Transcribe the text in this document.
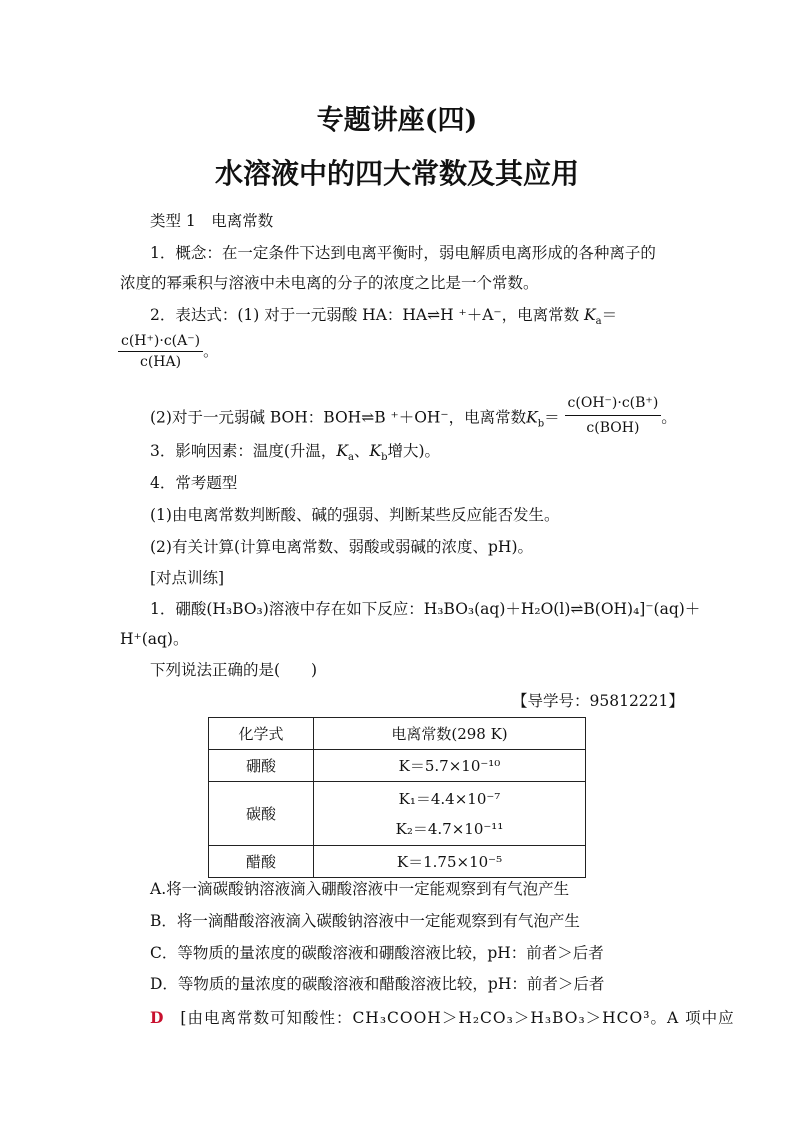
专题讲座(四)
水溶液中的四大常数及其应用
类型 1　电离常数
1．概念：在一定条件下达到电离平衡时，弱电解质电离形成的各种离子的
浓度的幂乘积与溶液中未电离的分子的浓度之比是一个常数。
2．表达式：(1) 对于一元弱酸 HA：HA⇌H ⁺＋A⁻，电离常数 $K_a=$
$\frac{c(H^+)\cdot c(A^-)}{c(HA)}$ 。
(2)对于一元弱碱 BOH：BOH⇌B ⁺＋OH⁻，电离常数$K_b= \frac{c(OH^-)\cdot c(B^+)}{\text{c(BOH)}}$ 。
3．影响因素：温度(升温，$K_a$、$K_b$增大)。
4．常考题型
(1)由电离常数判断酸、碱的强弱、判断某些反应能否发生。
(2)有关计算(计算电离常数、弱酸或弱碱的浓度、pH)。
[对点训练]
1．硼酸(H₃BO₃)溶液中存在如下反应：H₃BO₃(aq)＋H₂O(l)⇌B(OH)₄]⁻(aq)＋
H⁺(aq)。
下列说法正确的是(　　)
【导学号：95812221】
化学式	电离常数(298 K)
硼酸	K＝5.7×10⁻¹⁰
碳酸	K₁＝4.4×10⁻⁷
K₂＝4.7×10⁻¹¹

醋酸	K＝1.75×10⁻⁵
A.将一滴碳酸钠溶液滴入硼酸溶液中一定能观察到有气泡产生
B．将一滴醋酸溶液滴入碳酸钠溶液中一定能观察到有气泡产生
C．等物质的量浓度的碳酸溶液和硼酸溶液比较，pH：前者＞后者
D．等物质的量浓度的碳酸溶液和醋酸溶液比较，pH：前者＞后者
D [由电离常数可知酸性：CH₃COOH＞H₂CO₃＞H₃BO₃＞HCO³。A 项中应
